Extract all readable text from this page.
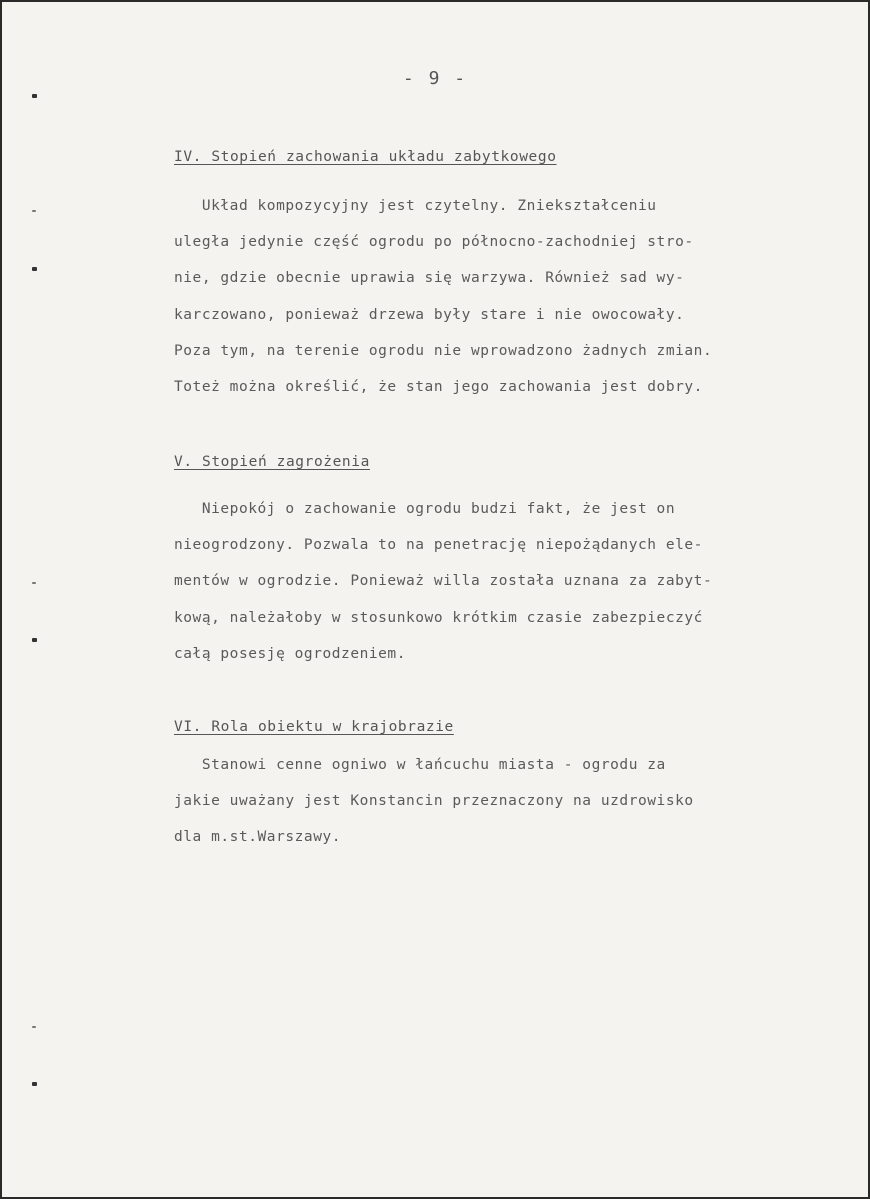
- 9 -
IV. Stopień zachowania układu zabytkowego
Układ kompozycyjny jest czytelny. Zniekształceniu
uległa jedynie część ogrodu po północno-zachodniej stro-
nie, gdzie obecnie uprawia się warzywa. Również sad wy-
karczowano, ponieważ drzewa były stare i nie owocowały.
Poza tym, na terenie ogrodu nie wprowadzono żadnych zmian.
Toteż można określić, że stan jego zachowania jest dobry.
V. Stopień zagrożenia
Niepokój o zachowanie ogrodu budzi fakt, że jest on
nieogrodzony. Pozwala to na penetrację niepożądanych ele-
mentów w ogrodzie. Ponieważ willa została uznana za zabyt-
kową, należałoby w stosunkowo krótkim czasie zabezpieczyć
całą posesję ogrodzeniem.
VI. Rola obiektu w krajobrazie
Stanowi cenne ogniwo w łańcuchu miasta - ogrodu za
jakie uważany jest Konstancin przeznaczony na uzdrowisko
dla m.st.Warszawy.
